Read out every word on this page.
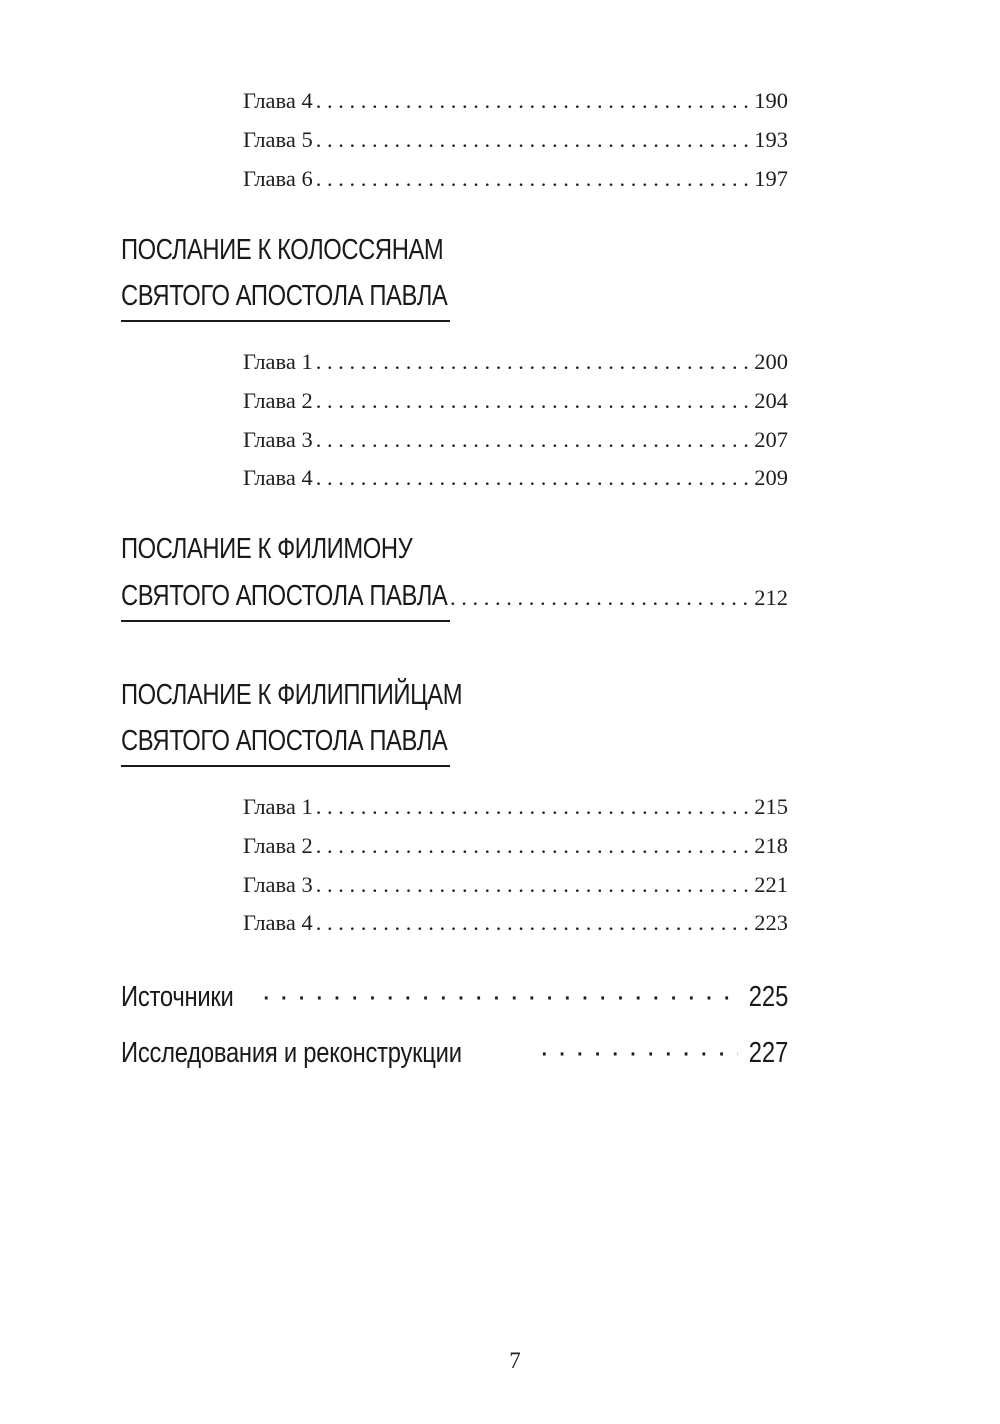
Глава 4 . . .	190
Глава 5 . . .	193
Глава 6 . . .	197
ПОСЛАНИЕ К КОЛОССЯНАМ
СВЯТОГО АПОСТОЛА ПАВЛА
Глава 1 . . .	200
Глава 2 . . .	204
Глава 3 . . .	207
Глава 4 . . .	209
ПОСЛАНИЕ К ФИЛИМОНУ
СВЯТОГО АПОСТОЛА ПАВЛА . . .	212
ПОСЛАНИЕ К ФИЛИППИЙЦАМ
СВЯТОГО АПОСТОЛА ПАВЛА
Глава 1 . . .	215
Глава 2 . . .	218
Глава 3 . . .	221
Глава 4 . . .	223
Источники · · ·	225
Исследования и реконструкции · · ·	227
7
